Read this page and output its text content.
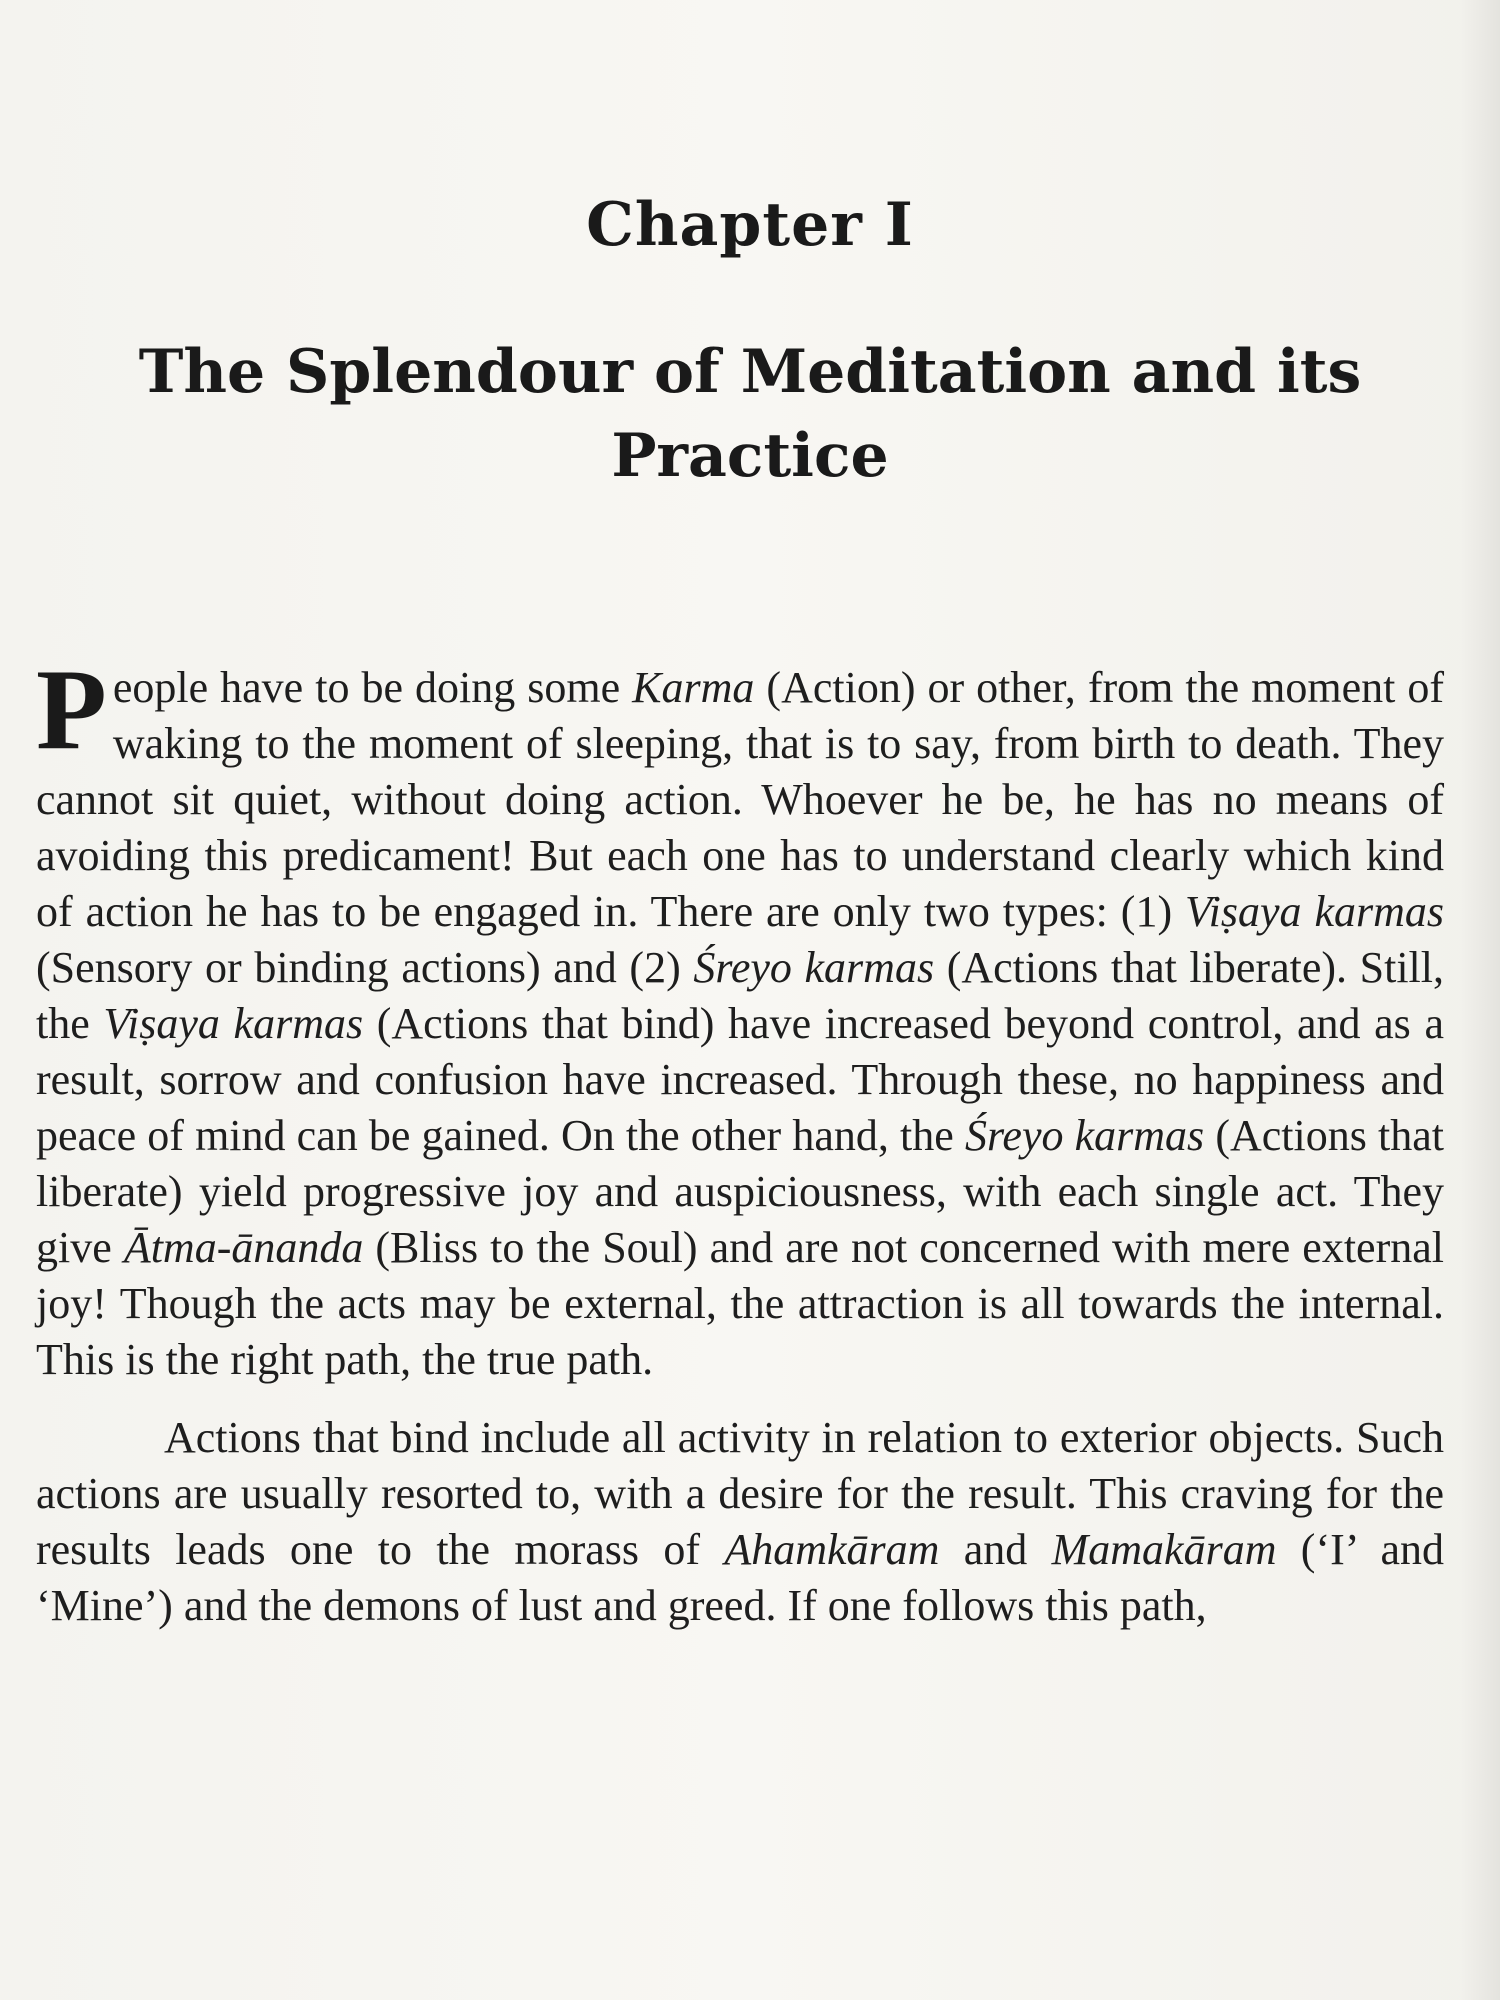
Chapter I
The Splendour of Meditation and its Practice

People have to be doing some Karma (Action) or other, from the moment of waking to the moment of sleeping, that is to say, from birth to death. They cannot sit quiet, without doing action. Whoever he be, he has no means of avoiding this predicament! But each one has to understand clearly which kind of action he has to be engaged in. There are only two types: (1) Viṣaya karmas (Sensory or binding actions) and (2) Śreyo karmas (Actions that liberate). Still, the Viṣaya karmas (Actions that bind) have increased beyond control, and as a result, sorrow and confusion have increased. Through these, no happiness and peace of mind can be gained. On the other hand, the Śreyo karmas (Actions that liberate) yield progressive joy and auspiciousness, with each single act. They give Ātma-ānanda (Bliss to the Soul) and are not concerned with mere external joy! Though the acts may be external, the attraction is all towards the internal. This is the right path, the true path.

Actions that bind include all activity in relation to exterior objects. Such actions are usually resorted to, with a desire for the result. This craving for the results leads one to the morass of Ahamkāram and Mamakāram (‘I’ and ‘Mine’) and the demons of lust and greed. If one follows this path,
